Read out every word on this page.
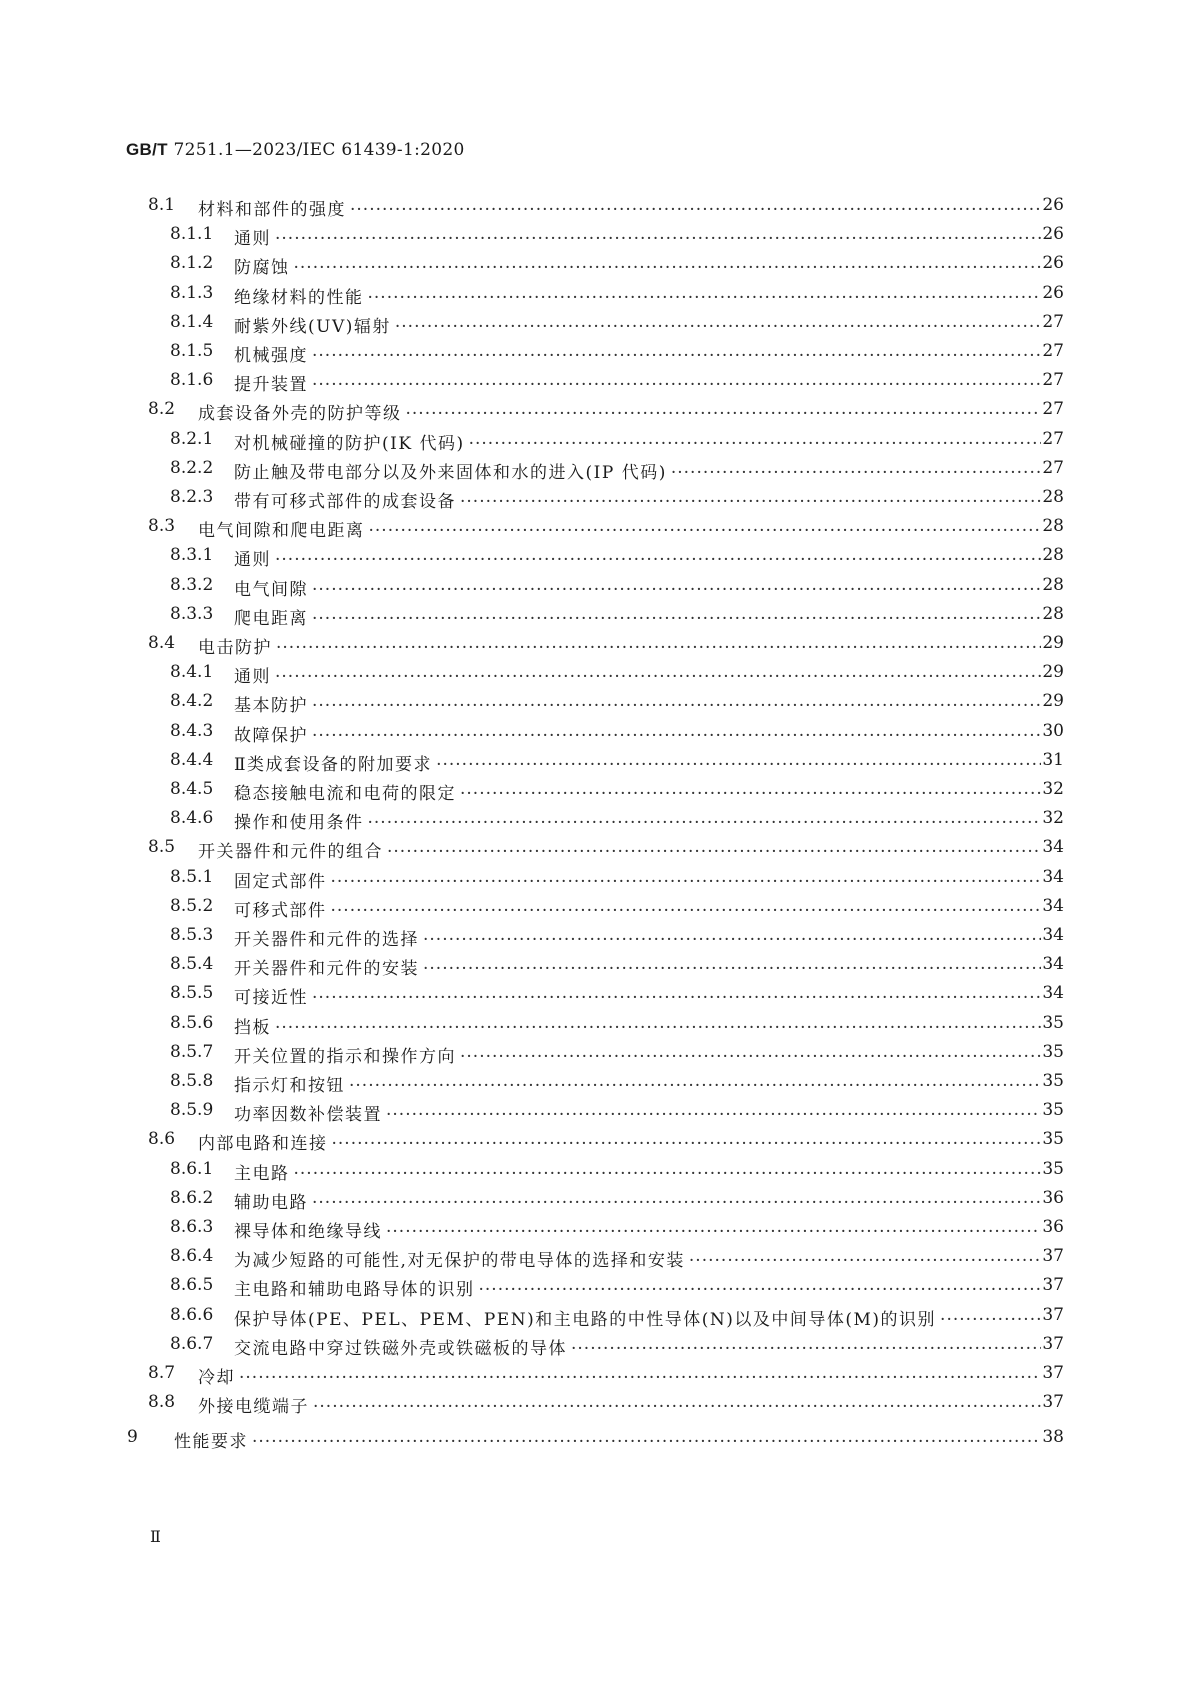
GB/T 7251.1—2023/IEC 61439-1:2020
8.1 材料和部件的强度 ·····	26
8.1.1 通则 ·····	26
8.1.2 防腐蚀 ·····	26
8.1.3 绝缘材料的性能 ·····	26
8.1.4 耐紫外线(UV)辐射 ·····	27
8.1.5 机械强度 ·····	27
8.1.6 提升装置 ·····	27
8.2 成套设备外壳的防护等级 ·····	27
8.2.1 对机械碰撞的防护(IK 代码) ·····	27
8.2.2 防止触及带电部分以及外来固体和水的进入(IP 代码) ·····	27
8.2.3 带有可移式部件的成套设备 ·····	28
8.3 电气间隙和爬电距离 ·····	28
8.3.1 通则 ·····	28
8.3.2 电气间隙 ·····	28
8.3.3 爬电距离 ·····	28
8.4 电击防护 ·····	29
8.4.1 通则 ·····	29
8.4.2 基本防护 ·····	29
8.4.3 故障保护 ·····	30
8.4.4 Ⅱ类成套设备的附加要求 ·····	31
8.4.5 稳态接触电流和电荷的限定 ·····	32
8.4.6 操作和使用条件 ·····	32
8.5 开关器件和元件的组合 ·····	34
8.5.1 固定式部件 ·····	34
8.5.2 可移式部件 ·····	34
8.5.3 开关器件和元件的选择 ·····	34
8.5.4 开关器件和元件的安装 ·····	34
8.5.5 可接近性 ·····	34
8.5.6 挡板 ·····	35
8.5.7 开关位置的指示和操作方向 ·····	35
8.5.8 指示灯和按钮 ·····	35
8.5.9 功率因数补偿装置 ·····	35
8.6 内部电路和连接 ·····	35
8.6.1 主电路 ·····	35
8.6.2 辅助电路 ·····	36
8.6.3 裸导体和绝缘导线 ·····	36
8.6.4 为减少短路的可能性,对无保护的带电导体的选择和安装 ·····	37
8.6.5 主电路和辅助电路导体的识别 ·····	37
8.6.6 保护导体(PE、PEL、PEM、PEN)和主电路的中性导体(N)以及中间导体(M)的识别 ·····	37
8.6.7 交流电路中穿过铁磁外壳或铁磁板的导体 ·····	37
8.7 冷却 ·····	37
8.8 外接电缆端子 ·····	37
9 性能要求 ·····	38
Ⅱ
